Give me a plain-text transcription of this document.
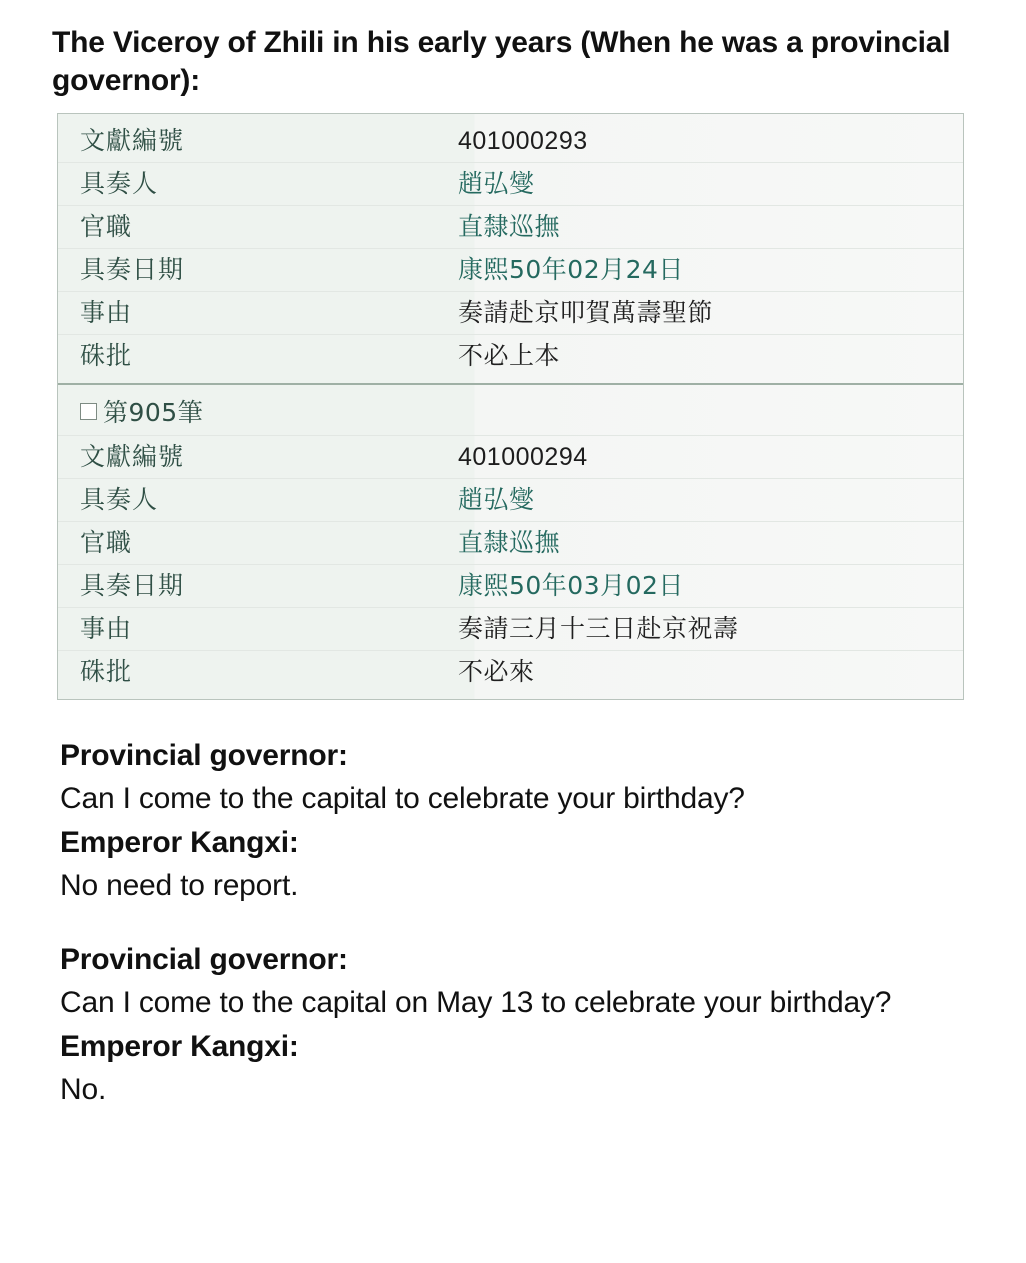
The Viceroy of Zhili in his early years (When he was a provincial governor):
文獻編號	401000293
具奏人	趙弘燮
官職	直隸巡撫
具奏日期	康熙50年02月24日
事由	奏請赴京叩賀萬壽聖節
硃批	不必上本
第905筆
文獻編號	401000294
具奏人	趙弘燮
官職	直隸巡撫
具奏日期	康熙50年03月02日
事由	奏請三月十三日赴京祝壽
硃批	不必來
Provincial governor:
Can I come to the capital to celebrate your birthday?
Emperor Kangxi:
No need to report.
Provincial governor:
Can I come to the capital on May 13 to celebrate your birthday?
Emperor Kangxi:
No.
